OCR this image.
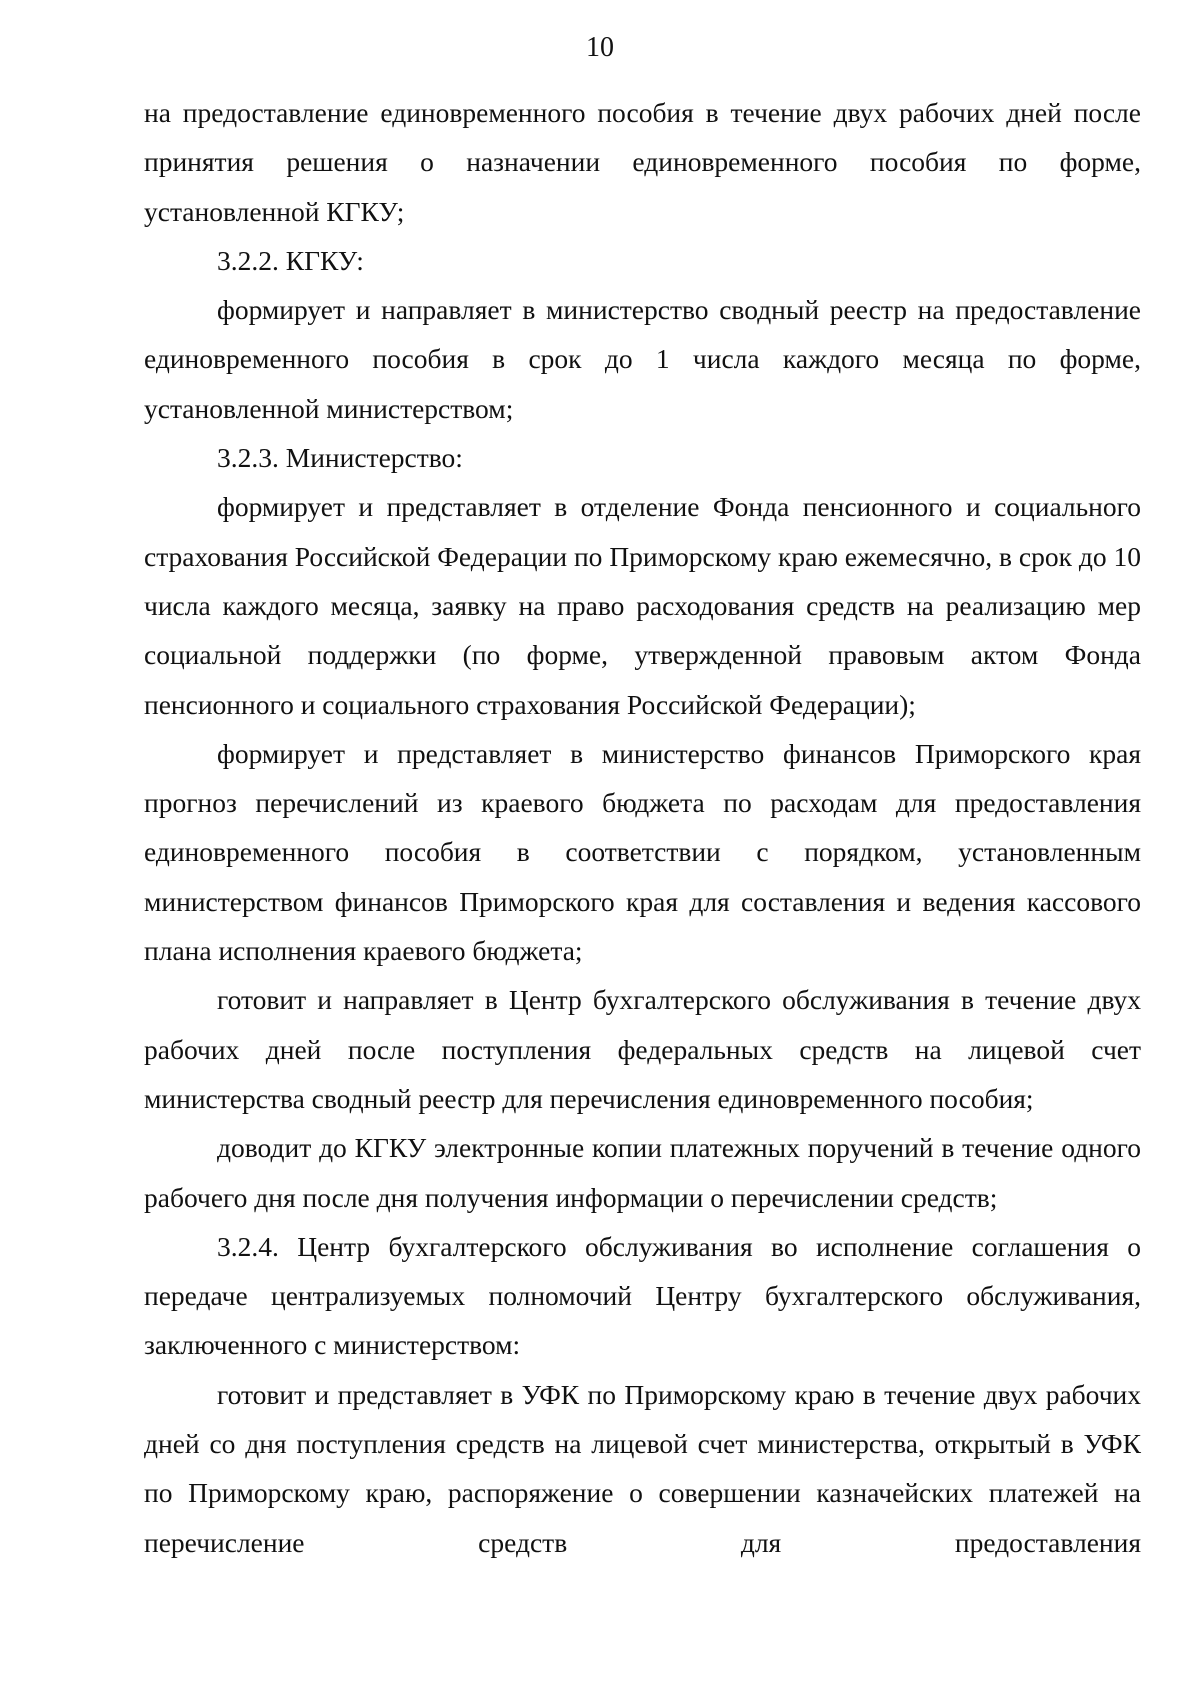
10

на предоставление единовременного пособия в течение двух рабочих дней после принятия решения о назначении единовременного пособия по форме, установленной КГКУ;

3.2.2. КГКУ:

формирует и направляет в министерство сводный реестр на предоставление единовременного пособия в срок до 1 числа каждого месяца по форме, установленной министерством;

3.2.3. Министерство:

формирует и представляет в отделение Фонда пенсионного и социального страхования Российской Федерации по Приморскому краю ежемесячно, в срок до 10 числа каждого месяца, заявку на право расходования средств на реализацию мер социальной поддержки (по форме, утвержденной правовым актом Фонда пенсионного и социального страхования Российской Федерации);

формирует и представляет в министерство финансов Приморского края прогноз перечислений из краевого бюджета по расходам для предоставления единовременного пособия в соответствии с порядком, установленным министерством финансов Приморского края для составления и ведения кассового плана исполнения краевого бюджета;

готовит и направляет в Центр бухгалтерского обслуживания в течение двух рабочих дней после поступления федеральных средств на лицевой счет министерства сводный реестр для перечисления единовременного пособия;

доводит до КГКУ электронные копии платежных поручений в течение одного рабочего дня после дня получения информации о перечислении средств;

3.2.4. Центр бухгалтерского обслуживания во исполнение соглашения о передаче централизуемых полномочий Центру бухгалтерского обслуживания, заключенного с министерством:

готовит и представляет в УФК по Приморскому краю в течение двух рабочих дней со дня поступления средств на лицевой счет министерства, открытый в УФК по Приморскому краю, распоряжение о совершении казначейских платежей на перечисление средств для предоставления
